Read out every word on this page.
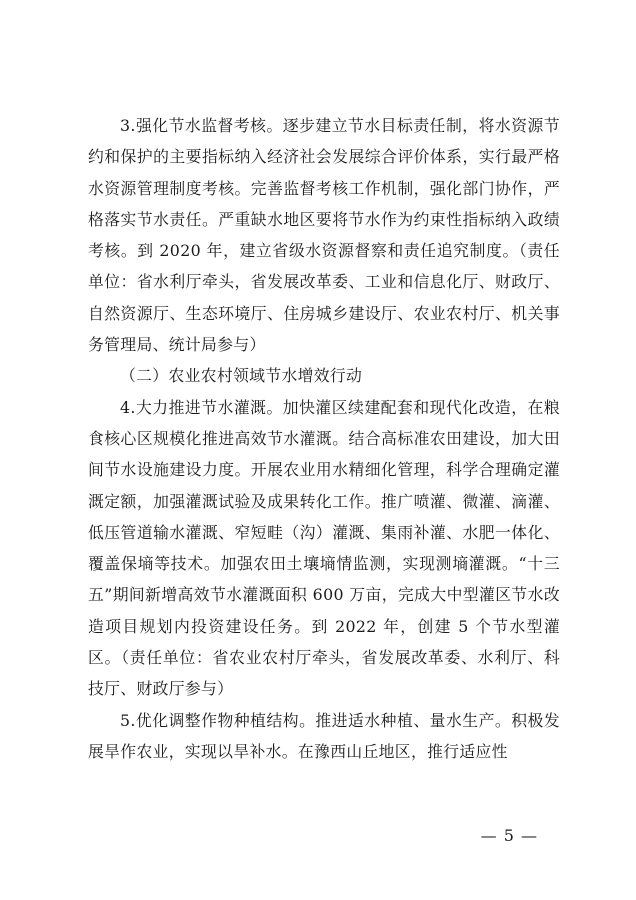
3.强化节水监督考核。逐步建立节水目标责任制，将水资源节约和保护的主要指标纳入经济社会发展综合评价体系，实行最严格水资源管理制度考核。完善监督考核工作机制，强化部门协作，严格落实节水责任。严重缺水地区要将节水作为约束性指标纳入政绩考核。到 2020 年，建立省级水资源督察和责任追究制度。（责任单位：省水利厅牵头，省发展改革委、工业和信息化厅、财政厅、自然资源厅、生态环境厅、住房城乡建设厅、农业农村厅、机关事务管理局、统计局参与）

（二）农业农村领域节水增效行动

4.大力推进节水灌溉。加快灌区续建配套和现代化改造，在粮食核心区规模化推进高效节水灌溉。结合高标准农田建设，加大田间节水设施建设力度。开展农业用水精细化管理，科学合理确定灌溉定额，加强灌溉试验及成果转化工作。推广喷灌、微灌、滴灌、低压管道输水灌溉、窄短畦（沟）灌溉、集雨补灌、水肥一体化、覆盖保墒等技术。加强农田土壤墒情监测，实现测墒灌溉。“十三五”期间新增高效节水灌溉面积 600 万亩，完成大中型灌区节水改造项目规划内投资建设任务。到 2022 年，创建 5 个节水型灌区。（责任单位：省农业农村厅牵头，省发展改革委、水利厅、科技厅、财政厅参与）

5.优化调整作物种植结构。推进适水种植、量水生产。积极发展旱作农业，实现以旱补水。在豫西山丘地区，推行适应性

— 5 —
